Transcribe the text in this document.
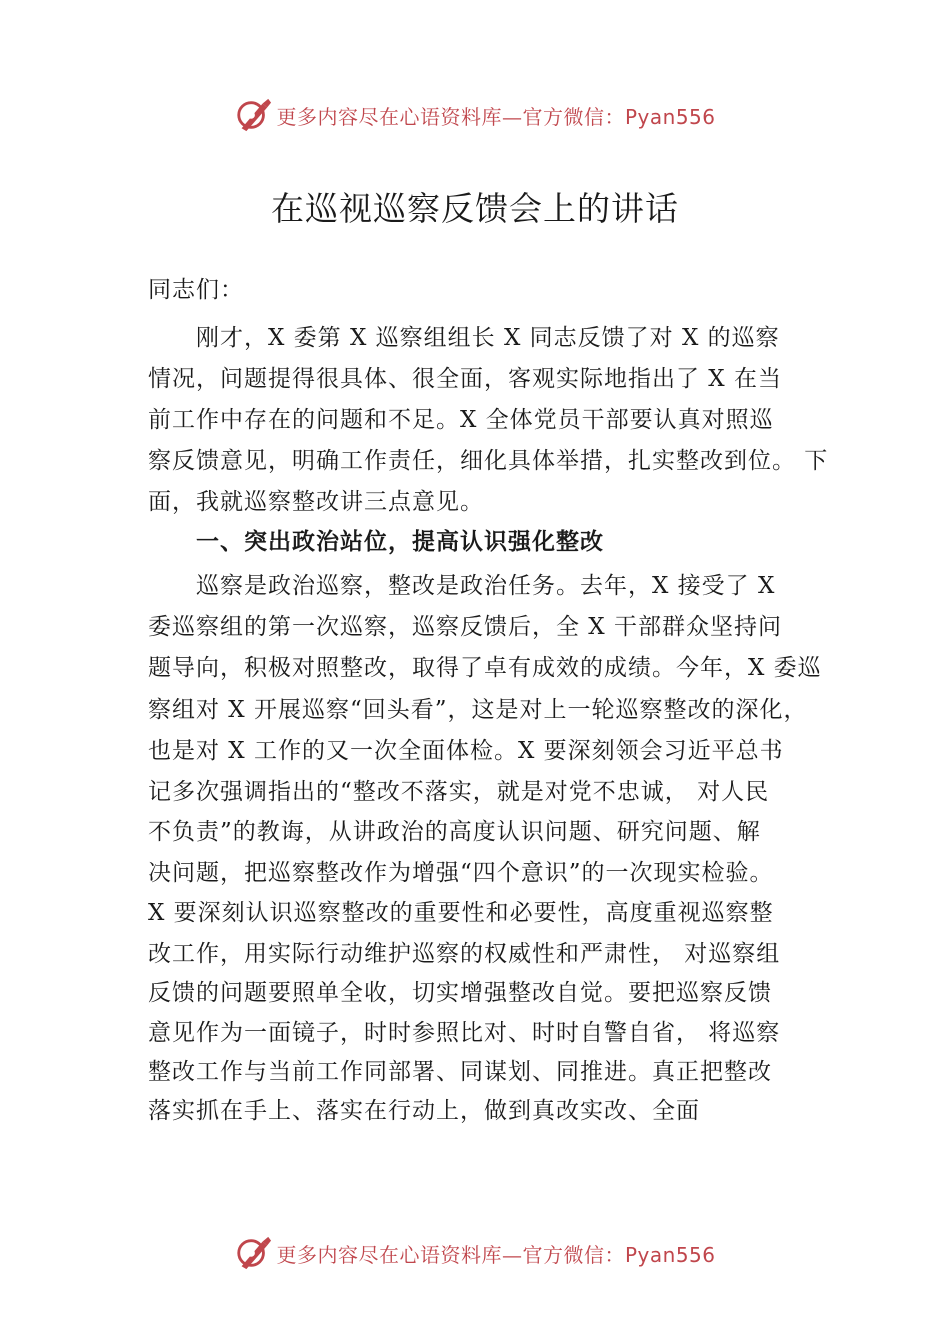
更多内容尽在心语资料库—官方微信：Pyan556
在巡视巡察反馈会上的讲话
同志们：
刚才，X 委第 X 巡察组组长 X 同志反馈了对 X 的巡察
情况，问题提得很具体、很全面，客观实际地指出了 X 在当
前工作中存在的问题和不足。X 全体党员干部要认真对照巡
察反馈意见，明确工作责任，细化具体举措，扎实整改到位。 下
面，我就巡察整改讲三点意见。
一、突出政治站位，提高认识强化整改
巡察是政治巡察，整改是政治任务。去年，X 接受了 X
委巡察组的第一次巡察，巡察反馈后，全 X 干部群众坚持问
题导向，积极对照整改，取得了卓有成效的成绩。今年，X 委巡
察组对 X 开展巡察“回头看”，这是对上一轮巡察整改的深化，
也是对 X 工作的又一次全面体检。X 要深刻领会习近平总书
记多次强调指出的“整改不落实，就是对党不忠诚， 对人民
不负责”的教诲，从讲政治的高度认识问题、研究问题、解
决问题，把巡察整改作为增强“四个意识”的一次现实检验。
X 要深刻认识巡察整改的重要性和必要性，高度重视巡察整
改工作，用实际行动维护巡察的权威性和严肃性， 对巡察组
反馈的问题要照单全收，切实增强整改自觉。要把巡察反馈
意见作为一面镜子，时时参照比对、时时自警自省， 将巡察
整改工作与当前工作同部署、同谋划、同推进。真正把整改
落实抓在手上、落实在行动上，做到真改实改、全面
更多内容尽在心语资料库—官方微信：Pyan556
